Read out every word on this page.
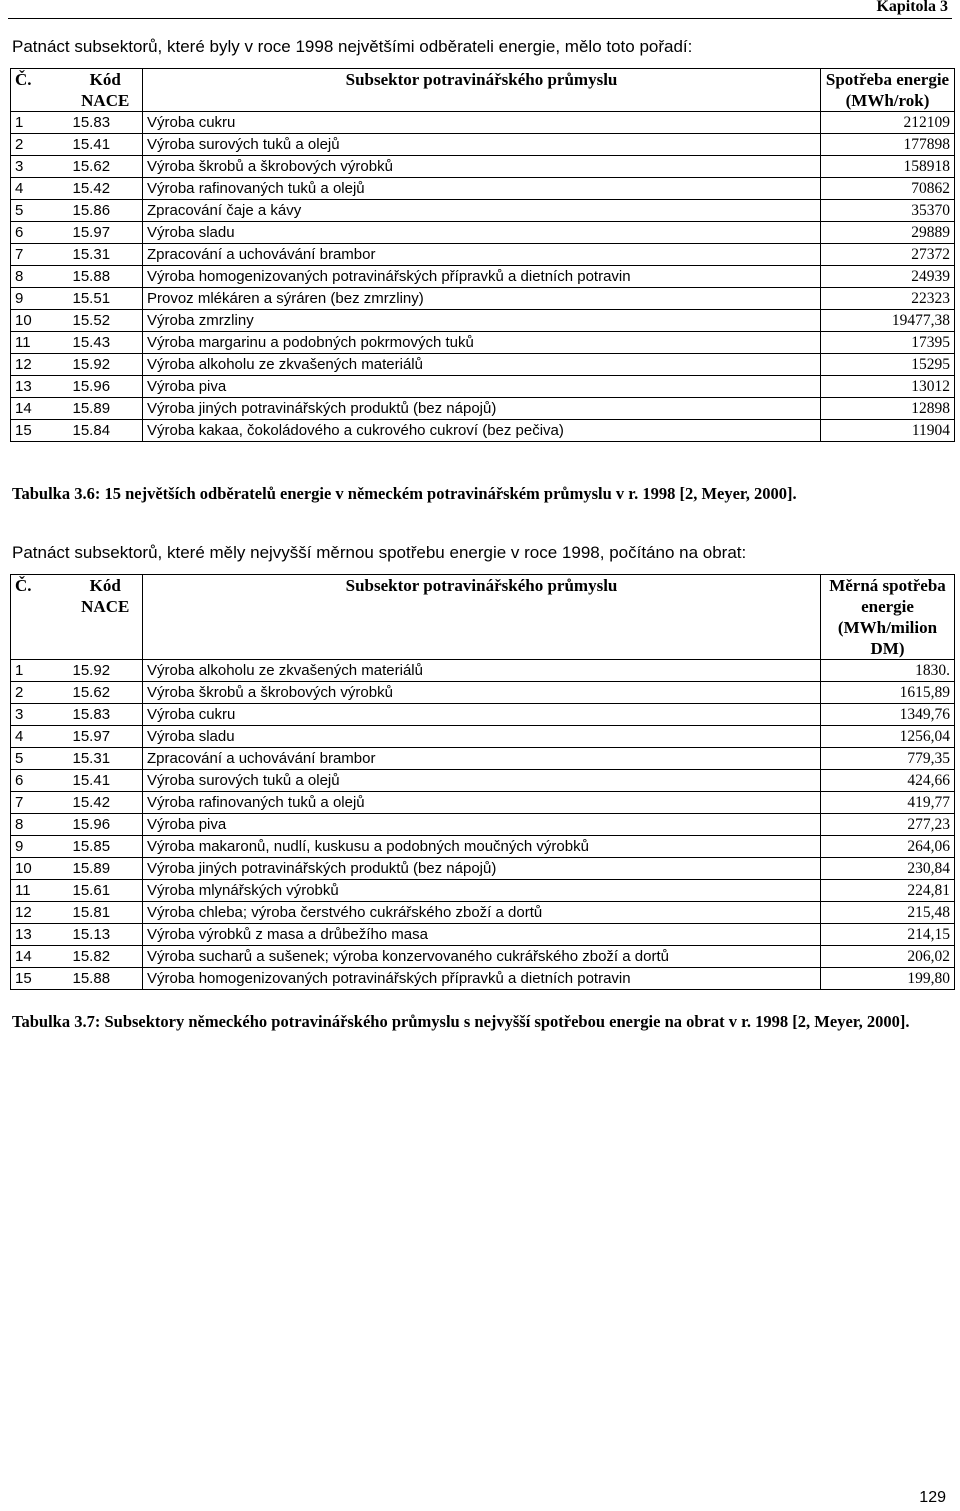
Kapitola 3
Patnáct subsektorů, které byly v roce 1998 největšími odběrateli energie, mělo toto pořadí:
Č.	Kód NACE	Subsektor potravinářského průmyslu	Spotřeba energie (MWh/rok)
1	15.83	Výroba cukru	212109
2	15.41	Výroba surových tuků a olejů	177898
3	15.62	Výroba škrobů a škrobových výrobků	158918
4	15.42	Výroba rafinovaných tuků a olejů	70862
5	15.86	Zpracování čaje a kávy	35370
6	15.97	Výroba sladu	29889
7	15.31	Zpracování a uchovávání brambor	27372
8	15.88	Výroba homogenizovaných potravinářských přípravků a dietních potravin	24939
9	15.51	Provoz mlékáren a sýráren (bez zmrzliny)	22323
10	15.52	Výroba zmrzliny	19477,38
11	15.43	Výroba margarinu a podobných pokrmových tuků	17395
12	15.92	Výroba alkoholu ze zkvašených materiálů	15295
13	15.96	Výroba piva	13012
14	15.89	Výroba jiných potravinářských produktů (bez nápojů)	12898
15	15.84	Výroba kakaa, čokoládového a cukrového cukroví (bez pečiva)	11904
Tabulka 3.6: 15 největších odběratelů energie v německém potravinářském průmyslu v r. 1998 [2, Meyer, 2000].
Patnáct subsektorů, které měly nejvyšší měrnou spotřebu energie v roce 1998, počítáno na obrat:
Č.	Kód NACE	Subsektor potravinářského průmyslu	Měrná spotřeba energie (MWh/milion DM)
1	15.92	Výroba alkoholu ze zkvašených materiálů	1830.
2	15.62	Výroba škrobů a škrobových výrobků	1615,89
3	15.83	Výroba cukru	1349,76
4	15.97	Výroba sladu	1256,04
5	15.31	Zpracování a uchovávání brambor	779,35
6	15.41	Výroba surových tuků a olejů	424,66
7	15.42	Výroba rafinovaných tuků a olejů	419,77
8	15.96	Výroba piva	277,23
9	15.85	Výroba makaronů, nudlí, kuskusu a podobných moučných výrobků	264,06
10	15.89	Výroba jiných potravinářských produktů (bez nápojů)	230,84
11	15.61	Výroba mlynářských výrobků	224,81
12	15.81	Výroba chleba; výroba čerstvého cukrářského zboží a dortů	215,48
13	15.13	Výroba výrobků z masa a drůbežího masa	214,15
14	15.82	Výroba sucharů a sušenek; výroba konzervovaného cukrářského zboží a dortů	206,02
15	15.88	Výroba homogenizovaných potravinářských přípravků a dietních potravin	199,80
Tabulka 3.7: Subsektory německého potravinářského průmyslu s nejvyšší spotřebou energie na obrat v r. 1998 [2, Meyer, 2000].
129
